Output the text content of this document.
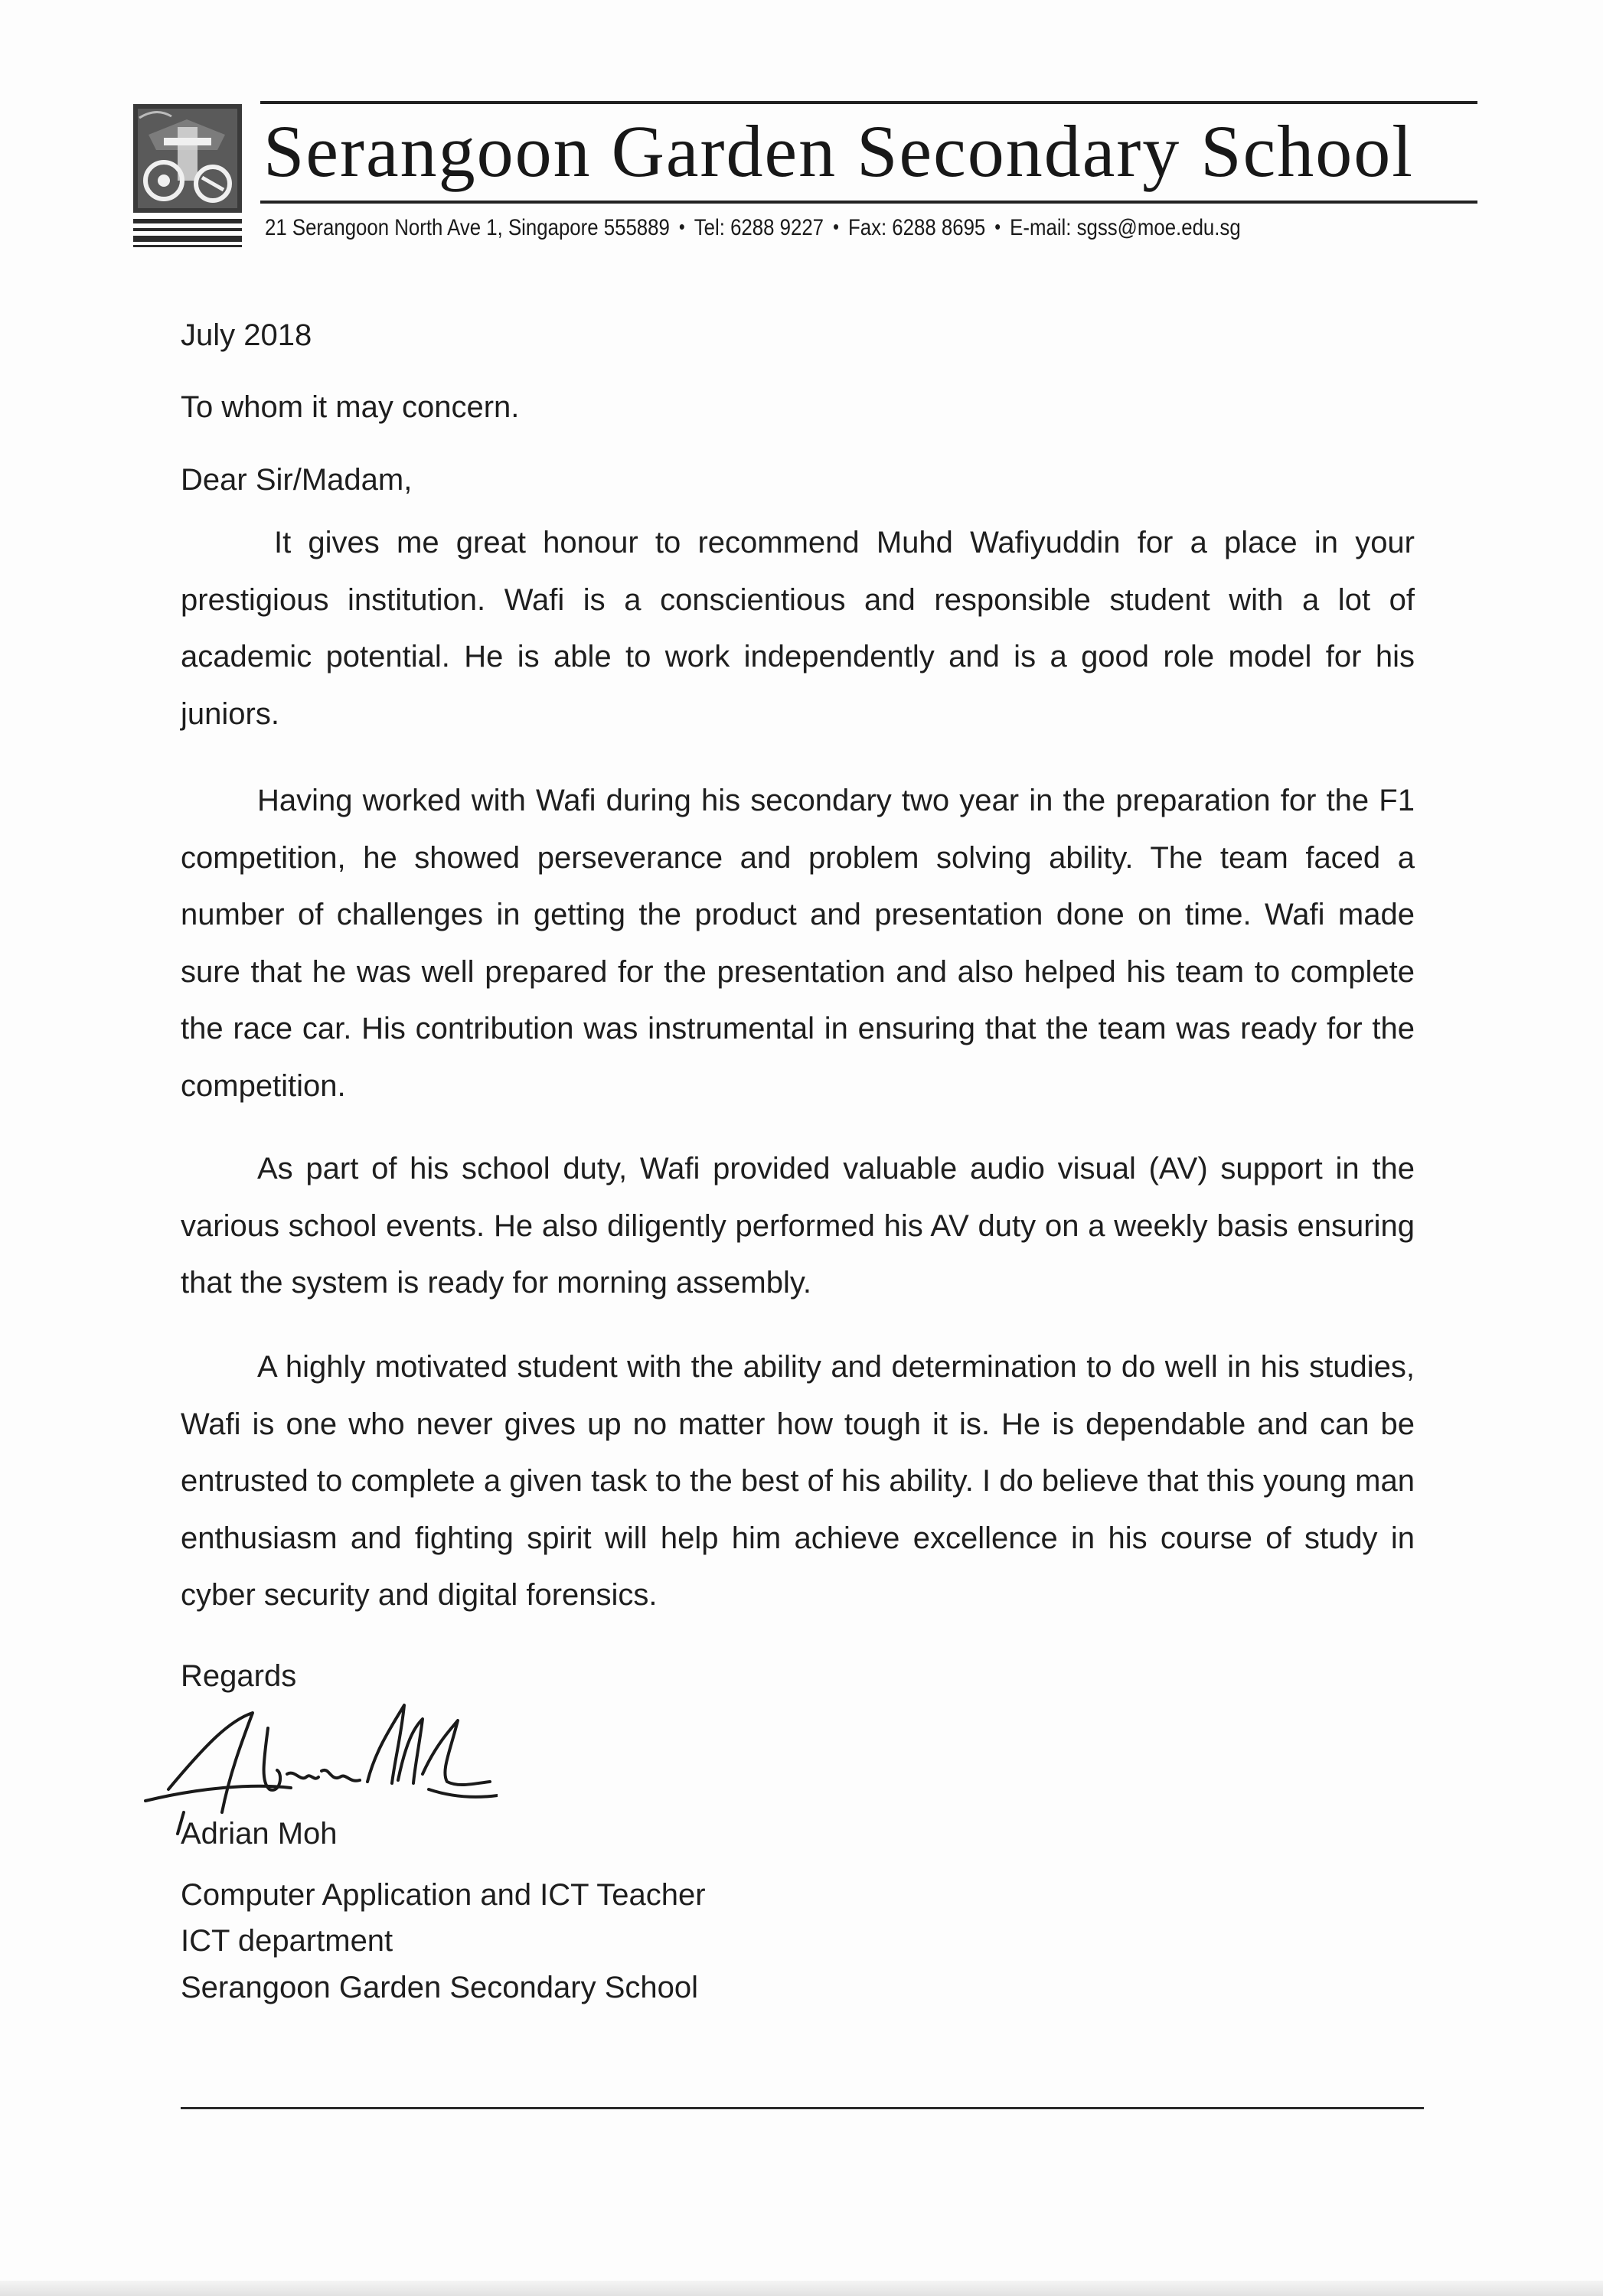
Serangoon Garden Secondary School
21 Serangoon North Ave 1, Singapore 555889 • Tel: 6288 9227 • Fax: 6288 8695 • E-mail: sgss@moe.edu.sg
July 2018
To whom it may concern.
Dear Sir/Madam,
It gives me great honour to recommend Muhd Wafiyuddin for a place in your prestigious institution. Wafi is a conscientious and responsible student with a lot of academic potential. He is able to work independently and is a good role model for his juniors.
Having worked with Wafi during his secondary two year in the preparation for the F1 competition, he showed perseverance and problem solving ability. The team faced a number of challenges in getting the product and presentation done on time. Wafi made sure that he was well prepared for the presentation and also helped his team to complete the race car. His contribution was instrumental in ensuring that the team was ready for the competition.
As part of his school duty, Wafi provided valuable audio visual (AV) support in the various school events. He also diligently performed his AV duty on a weekly basis ensuring that the system is ready for morning assembly.
A highly motivated student with the ability and determination to do well in his studies, Wafi is one who never gives up no matter how tough it is. He is dependable and can be entrusted to complete a given task to the best of his ability. I do believe that this young man enthusiasm and fighting spirit will help him achieve excellence in his course of study in cyber security and digital forensics.
Regards
Adrian Moh
Computer Application and ICT Teacher
ICT department
Serangoon Garden Secondary School
